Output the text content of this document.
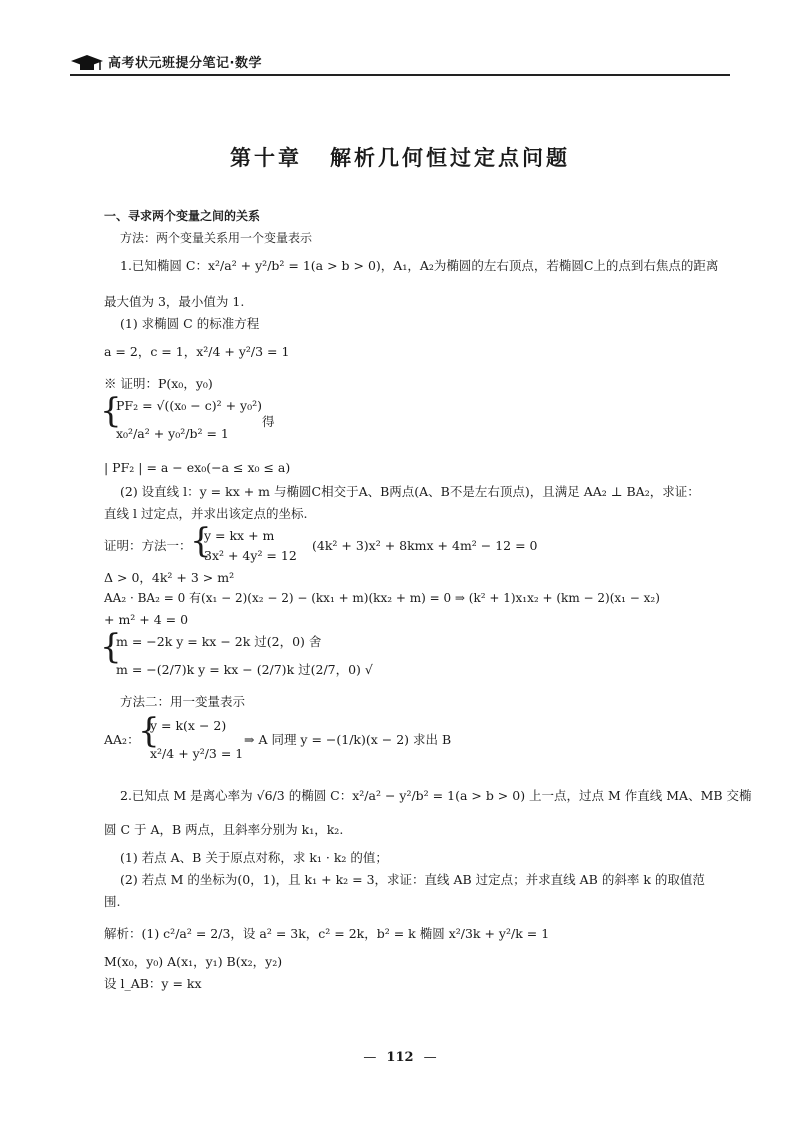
高考状元班提分笔记·数学
第十章 解析几何恒过定点问题
一、寻求两个变量之间的关系
方法：两个变量关系用一个变量表示
1.已知椭圆 C：x²/a² + y²/b² = 1(a > b > 0)，A₁，A₂为椭圆的左右顶点，若椭圆C上的点到右焦点的距离
最大值为 3，最小值为 1.
(1) 求椭圆 C 的标准方程
a = 2，c = 1，x²/4 + y²/3 = 1
※ 证明：P(x₀，y₀)
{
PF₂ = √((x₀ − c)² + y₀²)
x₀²/a² + y₀²/b² = 1
得
| PF₂ | = a − ex₀(−a ≤ x₀ ≤ a)
(2) 设直线 l：y = kx + m 与椭圆C相交于A、B两点(A、B不是左右顶点)，且满足 AA₂ ⊥ BA₂，求证：
直线 l 过定点，并求出该定点的坐标.
证明：方法一：
{
y = kx + m
3x² + 4y² = 12
(4k² + 3)x² + 8kmx + 4m² − 12 = 0
Δ > 0，4k² + 3 > m²
AA₂ · BA₂ = 0 有(x₁ − 2)(x₂ − 2) − (kx₁ + m)(kx₂ + m) = 0 ⇒ (k² + 1)x₁x₂ + (km − 2)(x₁ − x₂)
+ m² + 4 = 0
{
m = −2k y = kx − 2k 过(2，0) 舍
m = −(2/7)k y = kx − (2/7)k 过(2/7，0) √
方法二：用一变量表示
AA₂：
{
y = k(x − 2)
x²/4 + y²/3 = 1
⇒ A 同理 y = −(1/k)(x − 2) 求出 B
2.已知点 M 是离心率为 √6/3 的椭圆 C：x²/a² − y²/b² = 1(a > b > 0) 上一点，过点 M 作直线 MA、MB 交椭
圆 C 于 A，B 两点，且斜率分别为 k₁，k₂.
(1) 若点 A、B 关于原点对称，求 k₁ · k₂ 的值；
(2) 若点 M 的坐标为(0，1)，且 k₁ + k₂ = 3，求证：直线 AB 过定点；并求直线 AB 的斜率 k 的取值范
围.
解析：(1) c²/a² = 2/3，设 a² = 3k，c² = 2k，b² = k 椭圆 x²/3k + y²/k = 1
M(x₀，y₀) A(x₁，y₁) B(x₂，y₂)
设 l_AB：y = kx
— 112 —
